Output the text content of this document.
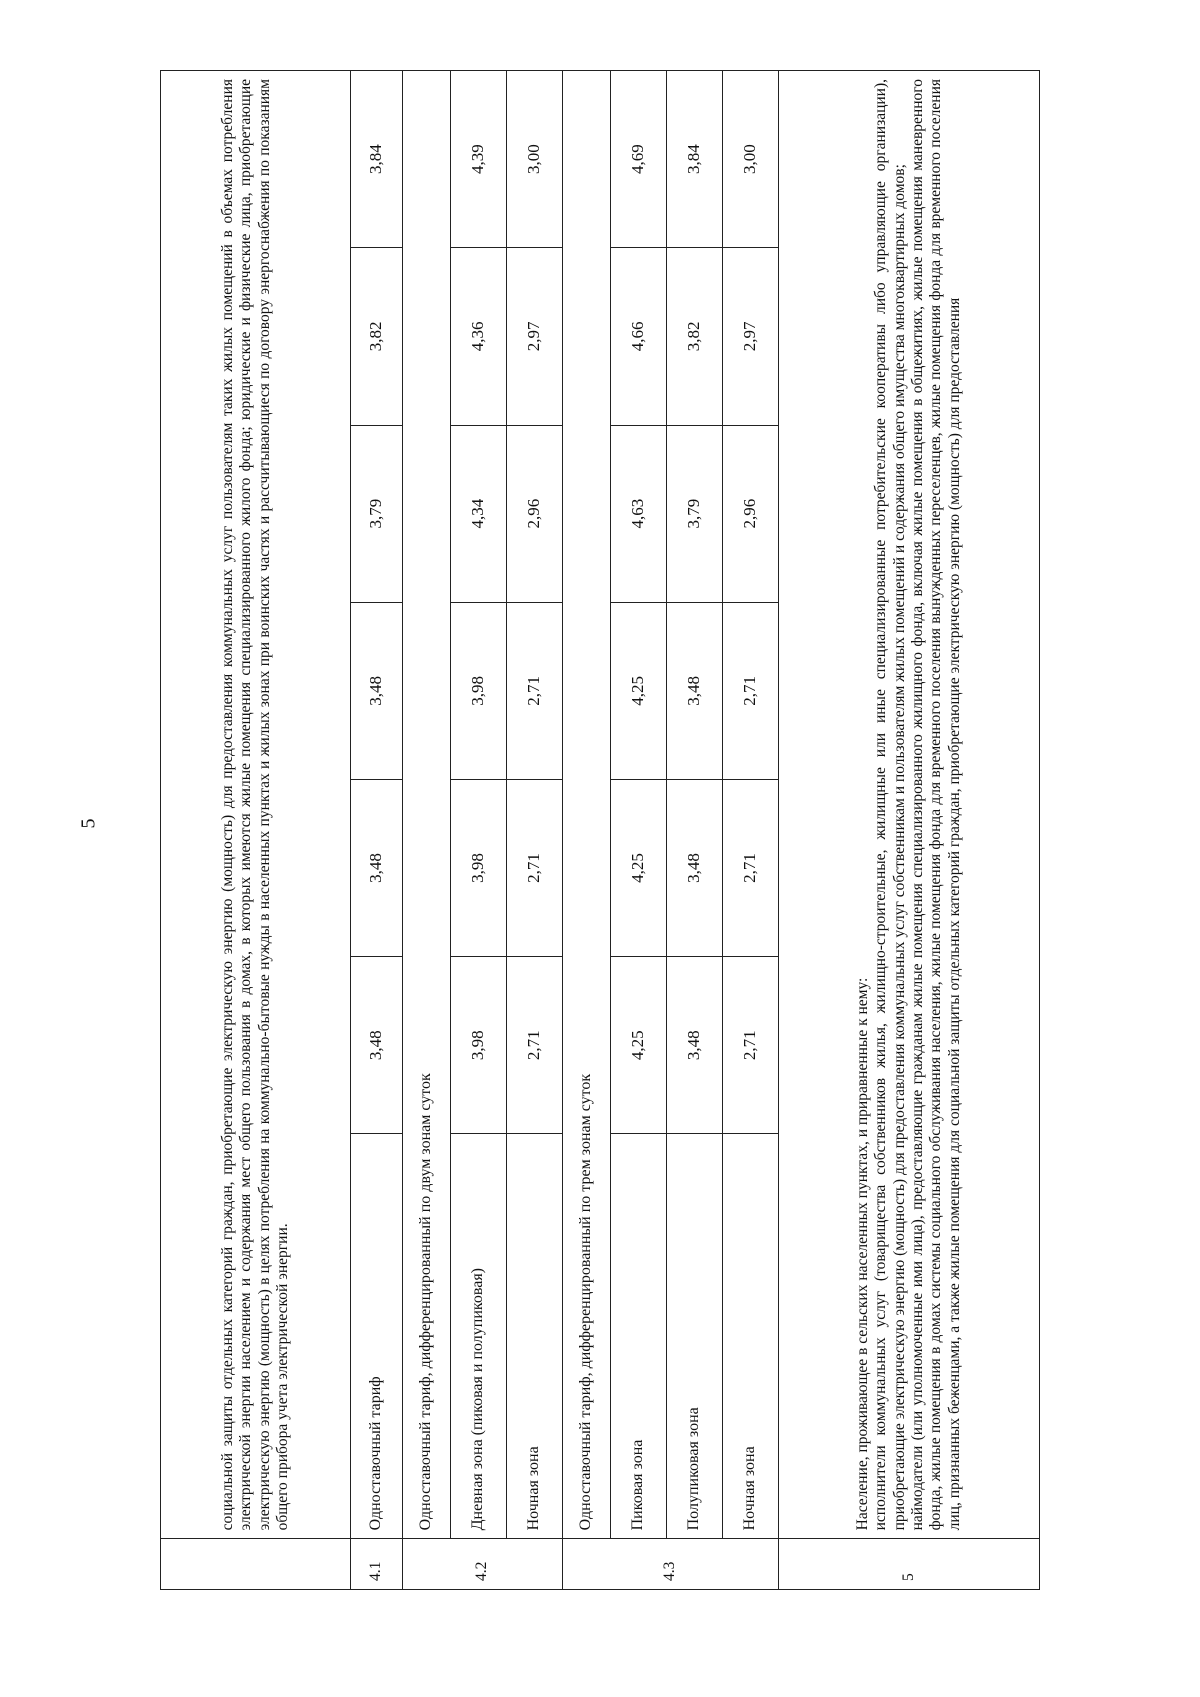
5
		социальной защиты отдельных категорий граждан, приобретающие электрическую энергию (мощность) для предоставления коммунальных услуг пользователям таких жилых помещений в объемах потребления электрической энергии населением и содержания мест общего пользования в домах, в которых имеются жилые помещения специализированного жилого фонда; юридические и физические лица, приобретающие электрическую энергию (мощность) в целях потребления на коммунально-бытовые нужды в населенных пунктах и жилых зонах при воинских частях и рассчитывающиеся по договору энергоснабжения по показаниям общего прибора учета электрической энергии.						
4.1	Одноставочный тариф	3,48	3,48	3,48	3,79	3,82	3,84
4.2	Одноставочный тариф, дифференцированный по двум зонам суток						
	Дневная зона (пиковая и полупиковая)	3,98	3,98	3,98	4,34	4,36	4,39
	Ночная зона	2,71	2,71	2,71	2,96	2,97	3,00
4.3	Одноставочный тариф, дифференцированный по трем зонам суток						
	Пиковая зона	4,25	4,25	4,25	4,63	4,66	4,69
	Полупиковая зона	3,48	3,48	3,48	3,79	3,82	3,84
	Ночная зона	2,71	2,71	2,71	2,96	2,97	3,00
5	Население, проживающее в сельских населенных пунктах, и приравненные к нему: исполнители коммунальных услуг (товарищества собственников жилья, жилищно-строительные, жилищные или иные специализированные потребительские кооперативы либо управляющие организации), приобретающие электрическую энергию (мощность) для предоставления коммунальных услуг собственникам и пользователям жилых помещений и содержания общего имущества многоквартирных домов; наймодатели (или уполномоченные ими лица), предоставляющие гражданам жилые помещения специализированного жилищного фонда, включая жилые помещения в общежитиях, жилые помещения маневренного фонда, жилые помещения в домах системы социального обслуживания населения, жилые помещения фонда для временного поселения вынужденных переселенцев, жилые помещения фонда для временного поселения лиц, признанных беженцами, а также жилые помещения для социальной защиты отдельных категорий граждан, приобретающие электрическую энергию (мощность) для предоставления						
